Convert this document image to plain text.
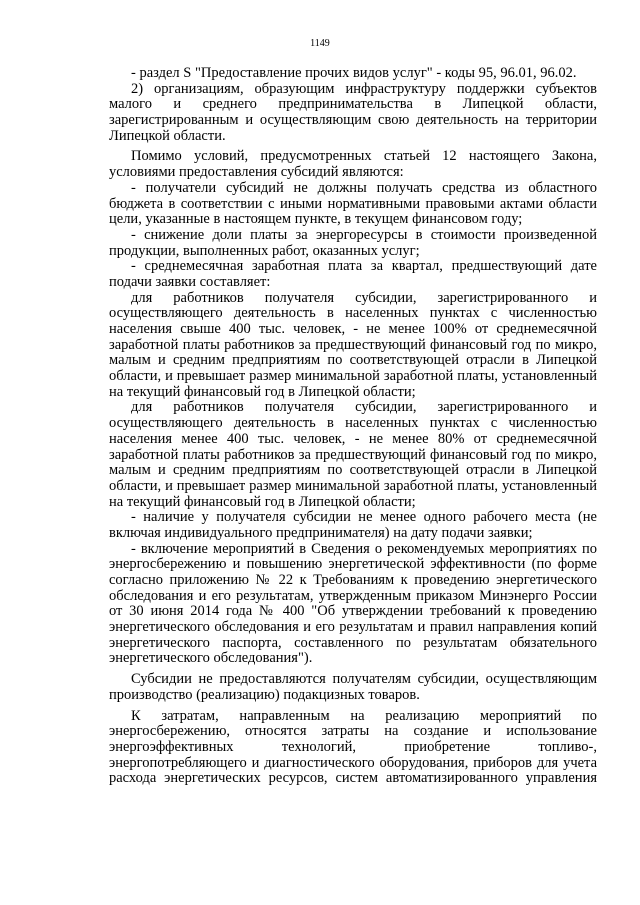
1149
- раздел S "Предоставление прочих видов услуг" - коды 95, 96.01, 96.02.
2) организациям, образующим инфраструктуру поддержки субъектов
малого и среднего предпринимательства в Липецкой области,
зарегистрированным и осуществляющим свою деятельность на территории
Липецкой области.
Помимо условий, предусмотренных статьей 12 настоящего Закона,
условиями предоставления субсидий являются:
- получатели субсидий не должны получать средства из областного
бюджета в соответствии с иными нормативными правовыми актами области
цели, указанные в настоящем пункте, в текущем финансовом году;
- снижение доли платы за энергоресурсы в стоимости произведенной
продукции, выполненных работ, оказанных услуг;
- среднемесячная заработная плата за квартал, предшествующий дате
подачи заявки составляет:
для работников получателя субсидии, зарегистрированного и
осуществляющего деятельность в населенных пунктах с численностью
населения свыше 400 тыс. человек, - не менее 100% от среднемесячной
заработной платы работников за предшествующий финансовый год по микро,
малым и средним предприятиям по соответствующей отрасли в Липецкой
области, и превышает размер минимальной заработной платы, установленный
на текущий финансовый год в Липецкой области;
для работников получателя субсидии, зарегистрированного и
осуществляющего деятельность в населенных пунктах с численностью
населения менее 400 тыс. человек, - не менее 80% от среднемесячной
заработной платы работников за предшествующий финансовый год по микро,
малым и средним предприятиям по соответствующей отрасли в Липецкой
области, и превышает размер минимальной заработной платы, установленный
на текущий финансовый год в Липецкой области;
- наличие у получателя субсидии не менее одного рабочего места (не
включая индивидуального предпринимателя) на дату подачи заявки;
- включение мероприятий в Сведения о рекомендуемых мероприятиях по
энергосбережению и повышению энергетической эффективности (по форме
согласно приложению № 22 к Требованиям к проведению энергетического
обследования и его результатам, утвержденным приказом Минэнерго России
от 30 июня 2014 года № 400 "Об утверждении требований к проведению
энергетического обследования и его результатам и правил направления копий
энергетического паспорта, составленного по результатам обязательного
энергетического обследования").
Субсидии не предоставляются получателям субсидии, осуществляющим
производство (реализацию) подакцизных товаров.
К затратам, направленным на реализацию мероприятий по
энергосбережению, относятся затраты на создание и использование
энергоэффективных технологий, приобретение топливо-,
энергопотребляющего и диагностического оборудования, приборов для учета
расхода энергетических ресурсов, систем автоматизированного управления
